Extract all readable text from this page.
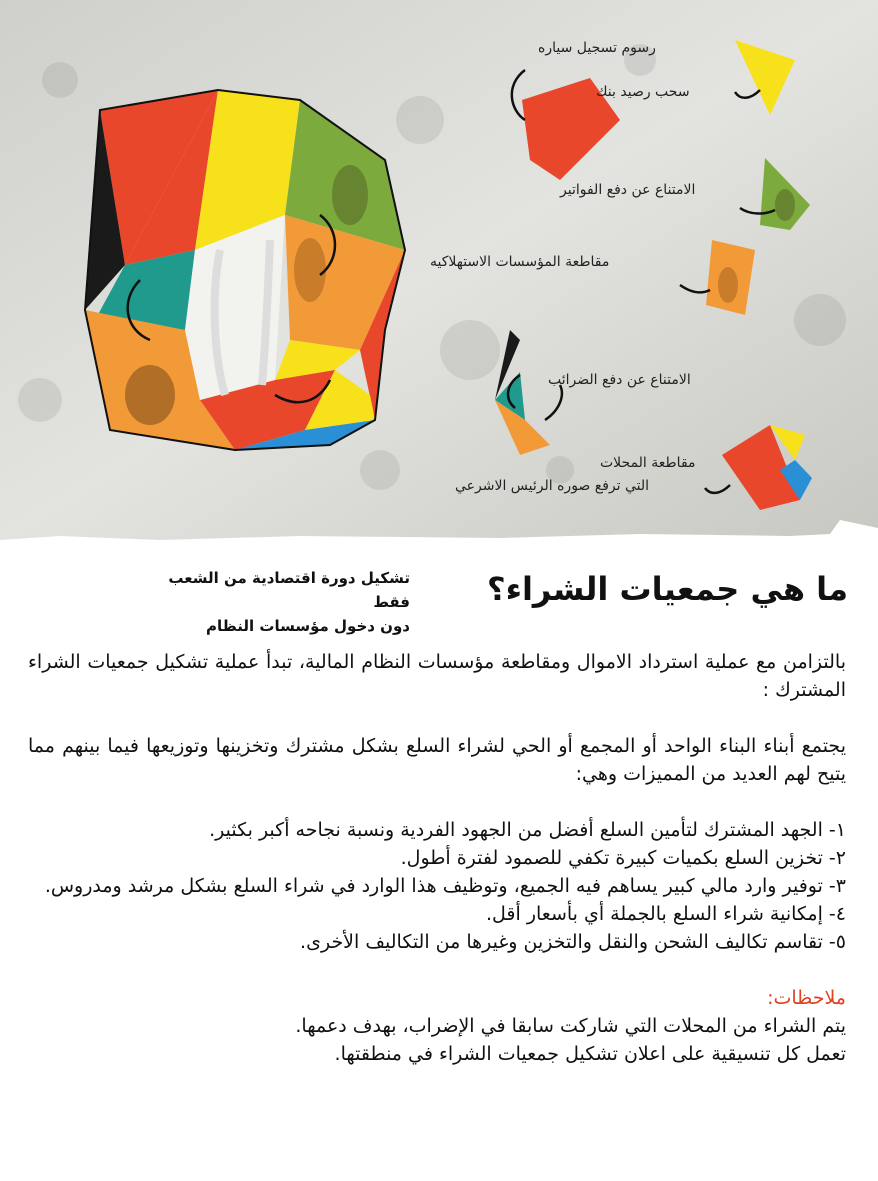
رسوم تسجيل سياره
سحب رصيد بنك
الامتناع عن دفع الفواتير
مقاطعة المؤسسات الاستهلاكيه
الامتناع عن دفع الضرائب
مقاطعة المحلات
التي ترفع صوره الرئيس الاشرعي
تشكيل دورة اقتصادية من الشعب فقط
دون دخول مؤسسات النظام
ما هي جمعيات الشراء؟

بالتزامن مع عملية استرداد الاموال ومقاطعة مؤسسات النظام المالية، تبدأ عملية تشكيل جمعيات الشراء المشترك :

يجتمع أبناء البناء الواحد أو المجمع أو الحي لشراء السلع بشكل مشترك وتخزينها وتوزيعها فيما بينهم مما يتيح لهم العديد من المميزات وهي:

١- الجهد المشترك لتأمين السلع أفضل من الجهود الفردية ونسبة نجاحه أكبر بكثير.

٢- تخزين السلع بكميات كبيرة تكفي للصمود لفترة أطول.

٣- توفير وارد مالي كبير يساهم فيه الجميع، وتوظيف هذا الوارد في شراء السلع بشكل مرشد ومدروس.

٤- إمكانية شراء السلع بالجملة أي بأسعار أقل.

٥- تقاسم تكاليف الشحن والنقل والتخزين وغيرها من التكاليف الأخرى.

ملاحظات:

يتم الشراء من المحلات التي شاركت سابقا في الإضراب، بهدف دعمها.

تعمل كل تنسيقية على اعلان تشكيل جمعيات الشراء في منطقتها.
